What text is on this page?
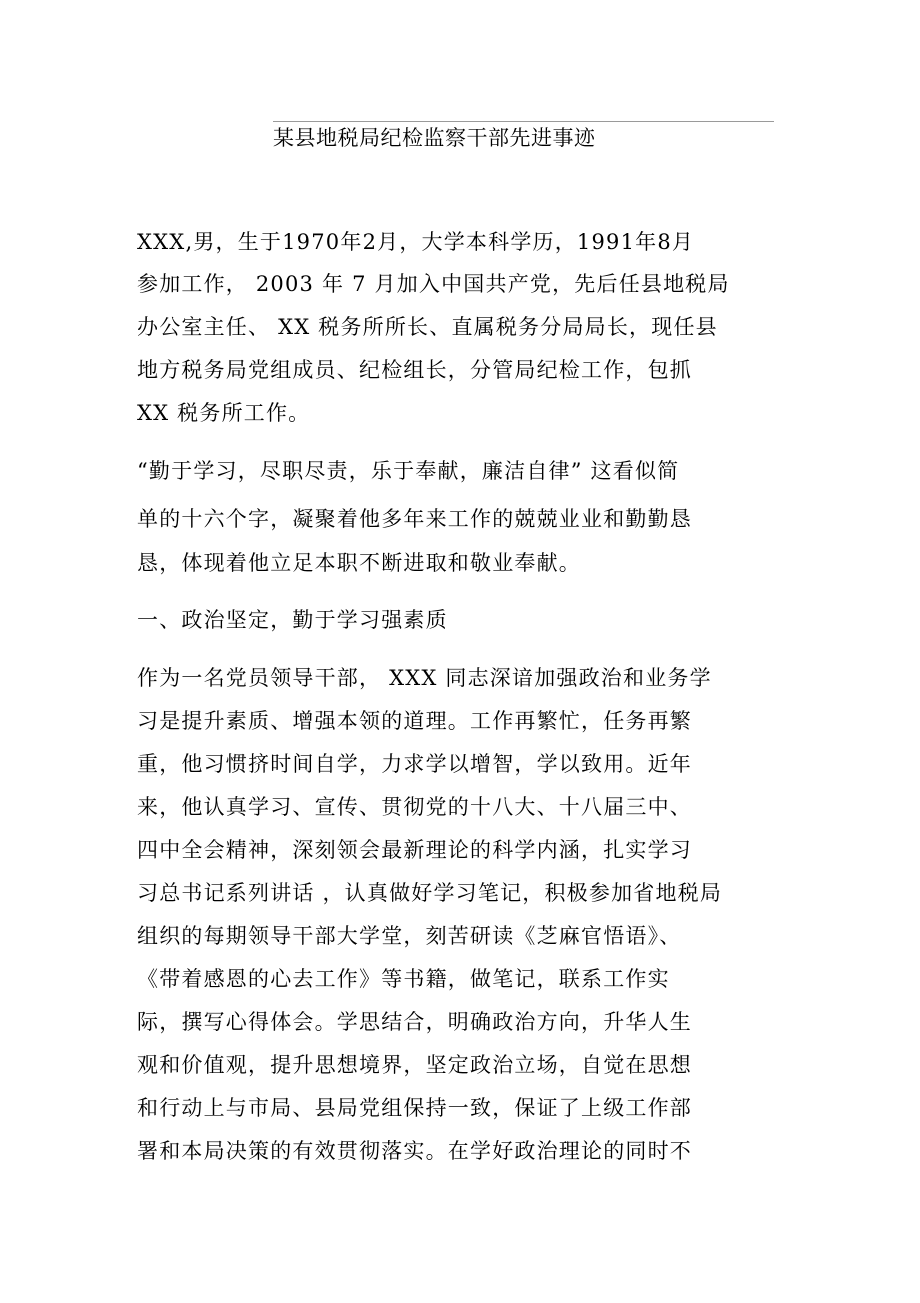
某县地税局纪检监察干部先进事迹
XXX,男，生于1970年2月，大学本科学历，1991年8月
参加工作， 2003 年 7 月加入中国共产党，先后任县地税局
办公室主任、 XX 税务所所长、直属税务分局局长，现任县
地方税务局党组成员、纪检组长，分管局纪检工作，包抓
XX 税务所工作。
“勤于学习，尽职尽责，乐于奉献，廉洁自律” 这看似简
单的十六个字，凝聚着他多年来工作的兢兢业业和勤勤恳
恳，体现着他立足本职不断进取和敬业奉献。
一、政治坚定，勤于学习强素质
作为一名党员领导干部， XXX 同志深谙加强政治和业务学
习是提升素质、增强本领的道理。工作再繁忙，任务再繁
重，他习惯挤时间自学，力求学以增智，学以致用。近年
来，他认真学习、宣传、贯彻党的十八大、十八届三中、
四中全会精神，深刻领会最新理论的科学内涵，扎实学习
习总书记系列讲话 ，认真做好学习笔记，积极参加省地税局
组织的每期领导干部大学堂，刻苦研读《芝麻官悟语》、
《带着感恩的心去工作》等书籍，做笔记，联系工作实
际，撰写心得体会。学思结合，明确政治方向，升华人生
观和价值观，提升思想境界，坚定政治立场，自觉在思想
和行动上与市局、县局党组保持一致，保证了上级工作部
署和本局决策的有效贯彻落实。在学好政治理论的同时不
